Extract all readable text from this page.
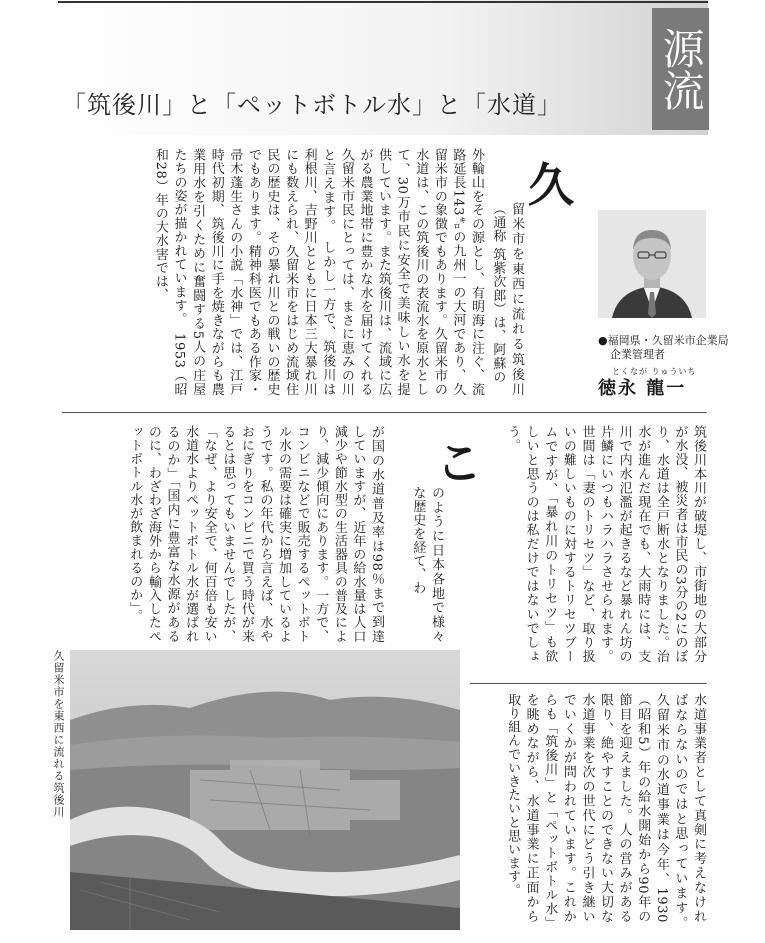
源流
「筑後川」と「ペットボトル水」と「水道」
●福岡県・久留米市企業局
企業管理者
とくなが りゅういち
徳永 龍一
久
留米市を東西に流れる筑後川（通称 筑紫次郎）は、阿蘇の
外輪山をその源とし、有明海に注ぐ、流路延長143㌔の九州一の大河であり、久留米市の象徴でもあります。久留米市の水道は、この筑後川の表流水を原水として、30万市民に安全で美味しい水を提供しています。また筑後川は、流域に広がる農業地帯に豊かな水を届けてくれる久留米市民にとっては、まさに恵みの川と言えます。　しかし一方で、筑後川は利根川、吉野川とともに日本三大暴れ川にも数えられ、久留米市をはじめ流域住民の歴史は、その暴れ川との戦いの歴史でもあります。精神科医でもある作家・帚木蓬生さんの小説「水神」では、江戸時代初期、筑後川に手を焼きながらも農業用水を引くために奮闘する5人の庄屋たちの姿が描かれています。　1953（昭和28）年の大水害では、
筑後川本川が破堤し、市街地の大部分が水没、被災者は市民の3分の2にのぼり、水道は全戸断水となりました。治水が進んだ現在でも、大雨時には、支川で内水氾濫が起きるなど暴れん坊の片鱗にいつもハラハラさせられます。世間は「妻のトリセツ」など、取り扱いの難しいものに対するトリセツブームですが、「暴れ川のトリセツ」も欲しいと思うのは私だけではないでしょう。
こ
のように日本各地で様々な歴史を経て、わ
が国の水道普及率は98％まで到達していますが、近年の給水量は人口減少や節水型の生活器具の普及により、減少傾向にあります。一方で、コンビニなどで販売するペットボトル水の需要は確実に増加しているようです。私の年代から言えば、水やおにぎりをコンビニで買う時代が来るとは思ってもいませんでしたが、「なぜ、より安全で、何百倍も安い水道水よりペットボトル水が選ばれるのか」「国内に豊富な水源があるのに、わざわざ海外から輸入したペットボトル水が飲まれるのか」。
水道事業者として真剣に考えなければならないのではと思っています。　久留米市の水道事業は今年、1930（昭和5）年の給水開始から90年の節目を迎えました。人の営みがある限り、絶やすことのできない大切な水道事業を次の世代にどう引き継いでいくかが問われています。これからも「筑後川」と「ペットボトル水」を眺めながら、水道事業に正面から取り組んでいきたいと思います。
久留米市を東西に流れる筑後川
